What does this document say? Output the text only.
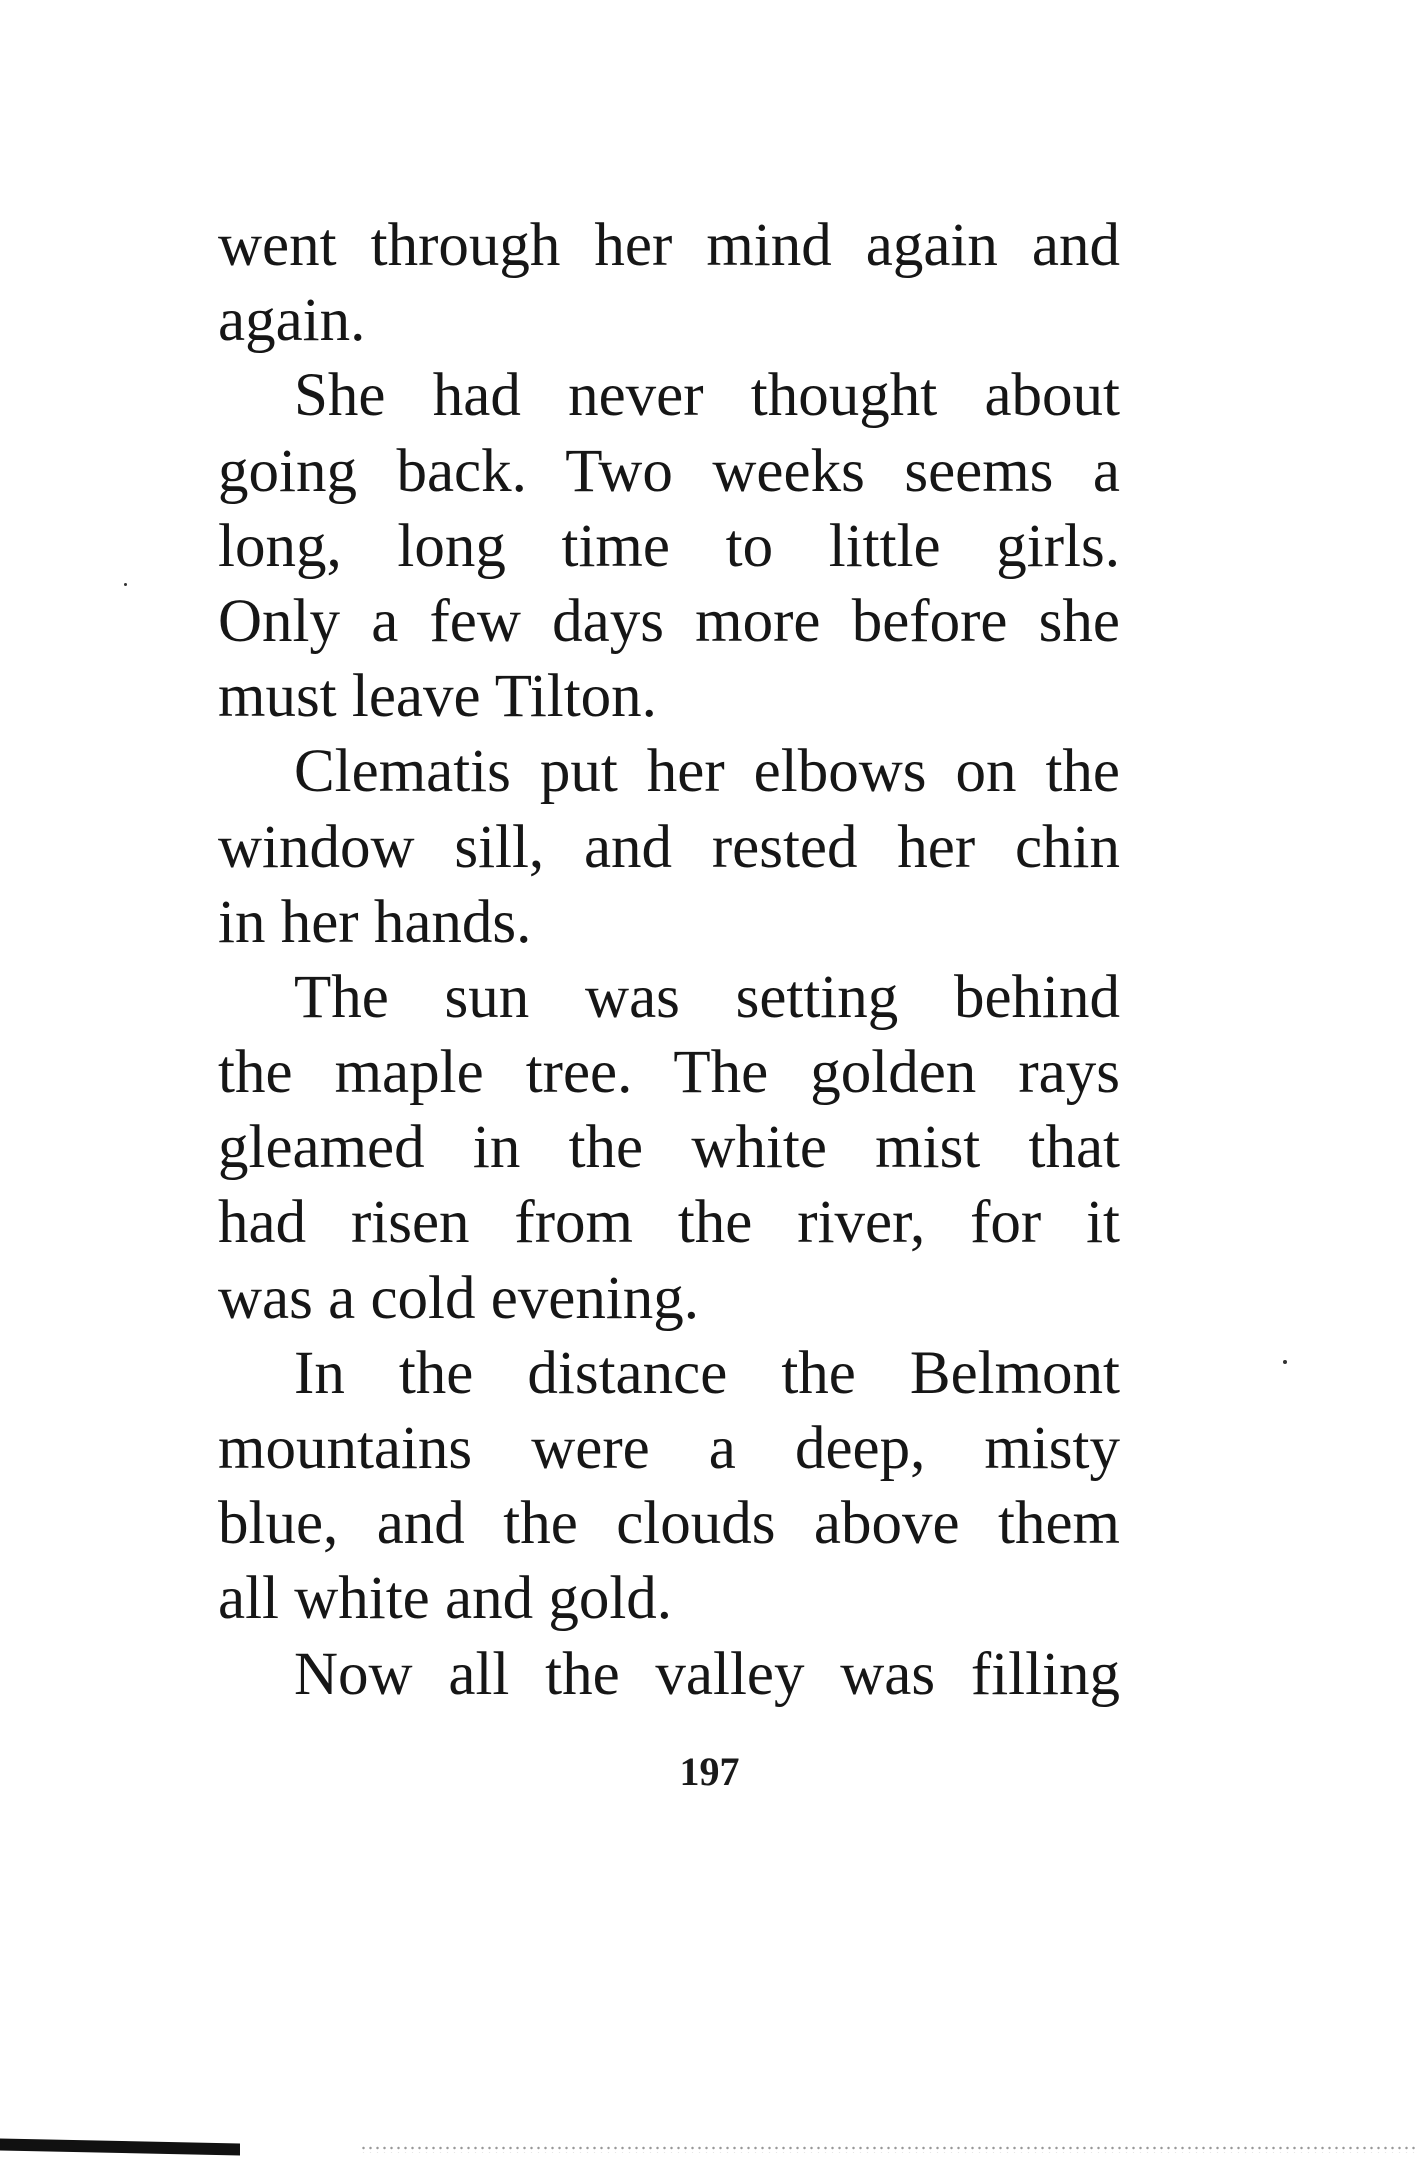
went through her mind again and
again.
She had never thought about
going back. Two weeks seems a
long, long time to little girls.
Only a few days more before she
must leave Tilton.
Clematis put her elbows on the
window sill, and rested her chin
in her hands.
The sun was setting behind
the maple tree. The golden rays
gleamed in the white mist that
had risen from the river, for it
was a cold evening.
In the distance the Belmont
mountains were a deep, misty
blue, and the clouds above them
all white and gold.
Now all the valley was filling
197
